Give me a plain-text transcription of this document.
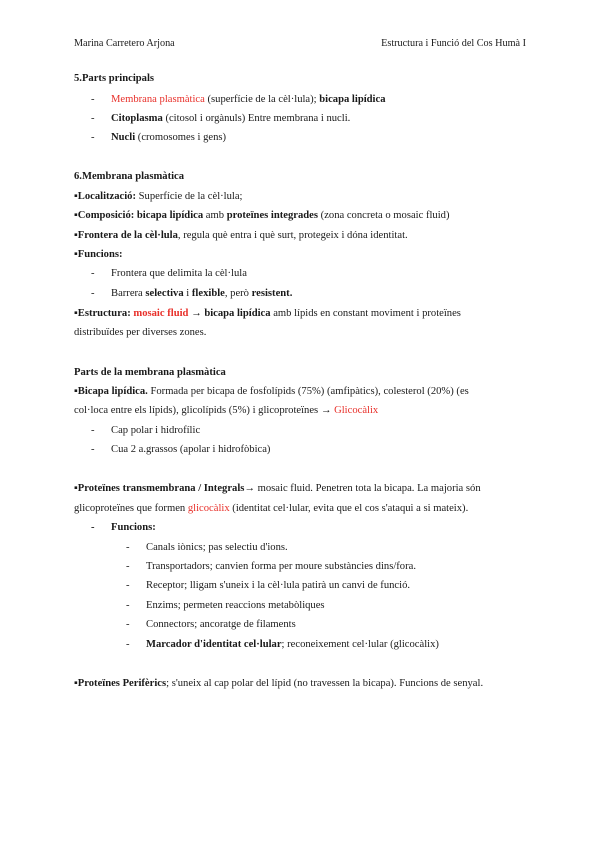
Marina Carretero Arjona	Estructura i Funció del Cos Humà I
5.Parts principals
- Membrana plasmàtica (superfície de la cèl·lula); bicapa lipídica
- Citoplasma (citosol i orgànuls) Entre membrana i nucli.
- Nucli (cromosomes i gens)
6.Membrana plasmàtica
▪Localització: Superfície de la cèl·lula;
▪Composició: bicapa lipídica amb proteïnes integrades (zona concreta o mosaic fluid)
▪Frontera de la cèl·lula, regula què entra i què surt, protegeix i dóna identitat.
▪Funcions:
- Frontera que delimita la cèl·lula
- Barrera selectiva i flexible, però resistent.
▪Estructura: mosaic fluid → bicapa lipídica amb lípids en constant moviment i proteïnes
distribuïdes per diverses zones.
Parts de la membrana plasmàtica
▪Bicapa lipídica. Formada per bicapa de fosfolípids (75%) (amfipàtics), colesterol (20%) (es
col·loca entre els lípids), glicolípids (5%) i glicoproteïnes → Glicocàlix
- Cap polar i hidrofílic
- Cua 2 a.grassos (apolar i hidrofòbica)
▪Proteïnes transmembrana / Integrals→ mosaic fluid. Penetren tota la bicapa. La majoria són
glicoproteïnes que formen glicocàlix (identitat cel·lular, evita que el cos s'ataqui a si mateix).
- Funcions:
- Canals iònics; pas selectiu d'ions.
- Transportadors; canvien forma per moure substàncies dins/fora.
- Receptor; lligam s'uneix i la cèl·lula patirà un canvi de funció.
- Enzims; permeten reaccions metabòliques
- Connectors; ancoratge de filaments
- Marcador d'identitat cel·lular; reconeixement cel·lular (glicocàlix)
▪Proteïnes Perifèrics; s'uneix al cap polar del lípid (no travessen la bicapa). Funcions de senyal.
